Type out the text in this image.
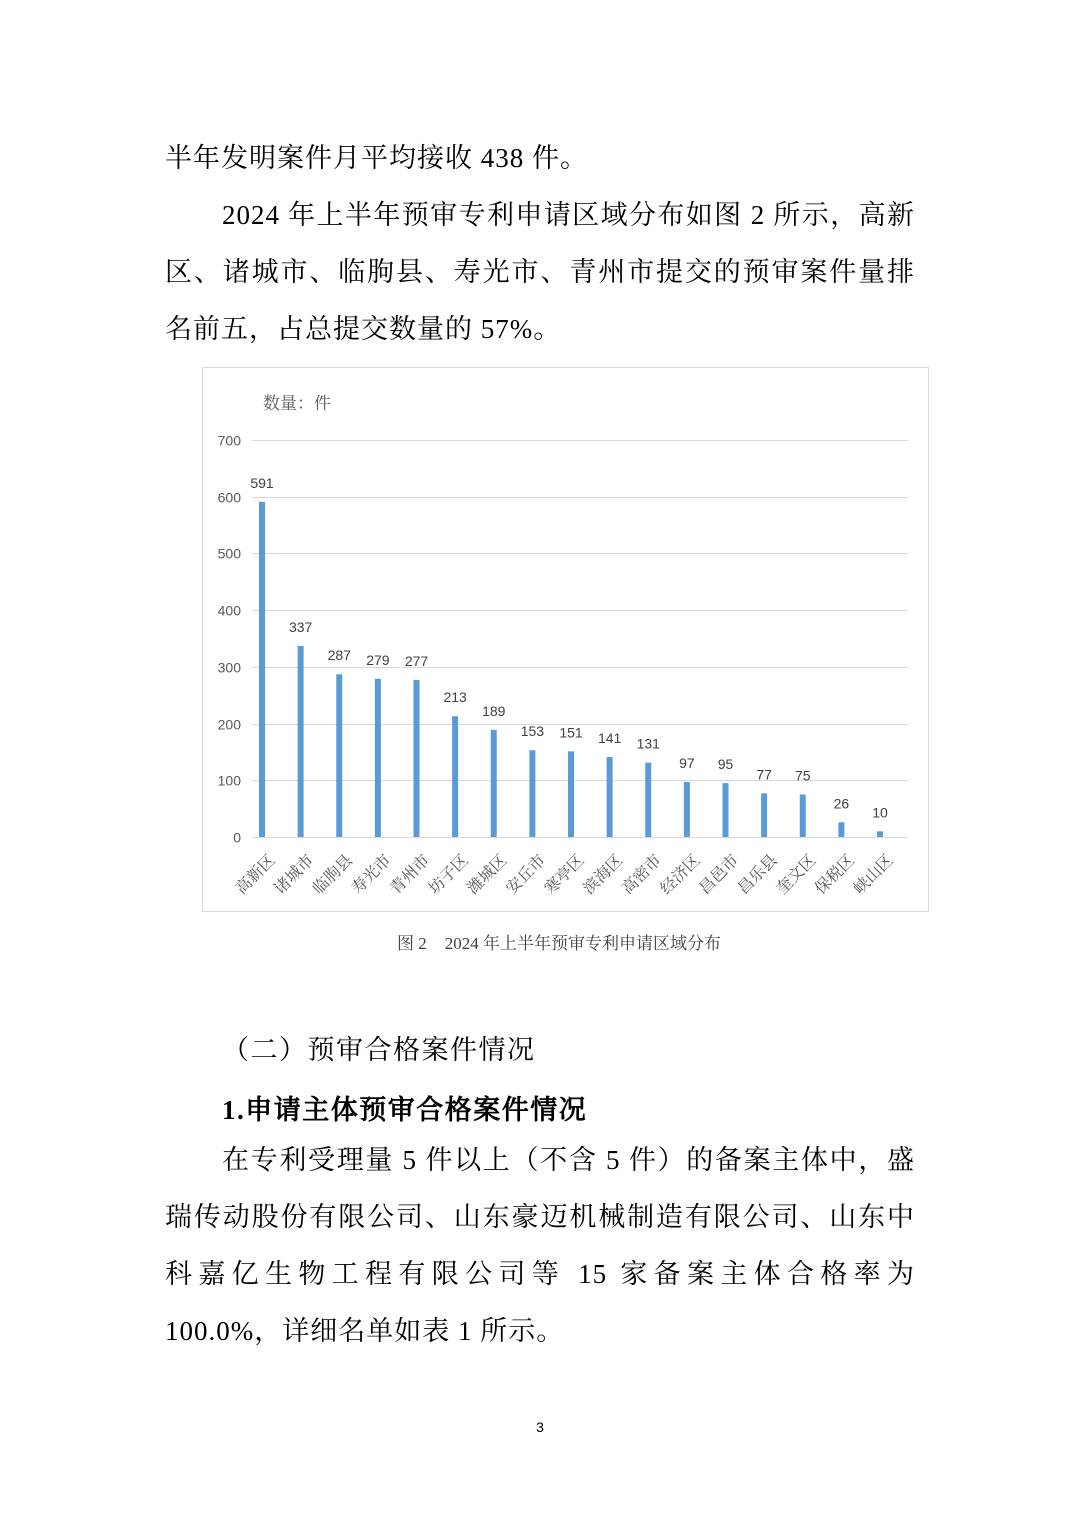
半年发明案件月平均接收 438 件。
2024 年上半年预审专利申请区域分布如图 2 所示，高新
区、诸城市、临朐县、寿光市、青州市提交的预审案件量排
名前五，占总提交数量的 57%。
数量：件
0
100
200
300
400
500
600
700
591
高新区
337
诸城市
287
临朐县
279
寿光市
277
青州市
213
坊子区
189
潍城区
153
安丘市
151
寒亭区
141
滨海区
131
高密市
97
经济区
95
昌邑市
77
昌乐县
75
奎文区
26
保税区
10
峡山区
图 2 2024 年上半年预审专利申请区域分布
（二）预审合格案件情况
1.申请主体预审合格案件情况
在专利受理量 5 件以上（不含 5 件）的备案主体中，盛
瑞传动股份有限公司、山东豪迈机械制造有限公司、山东中
科嘉亿生物工程有限公司等 15 家备案主体合格率为
100.0%，详细名单如表 1 所示。
3
